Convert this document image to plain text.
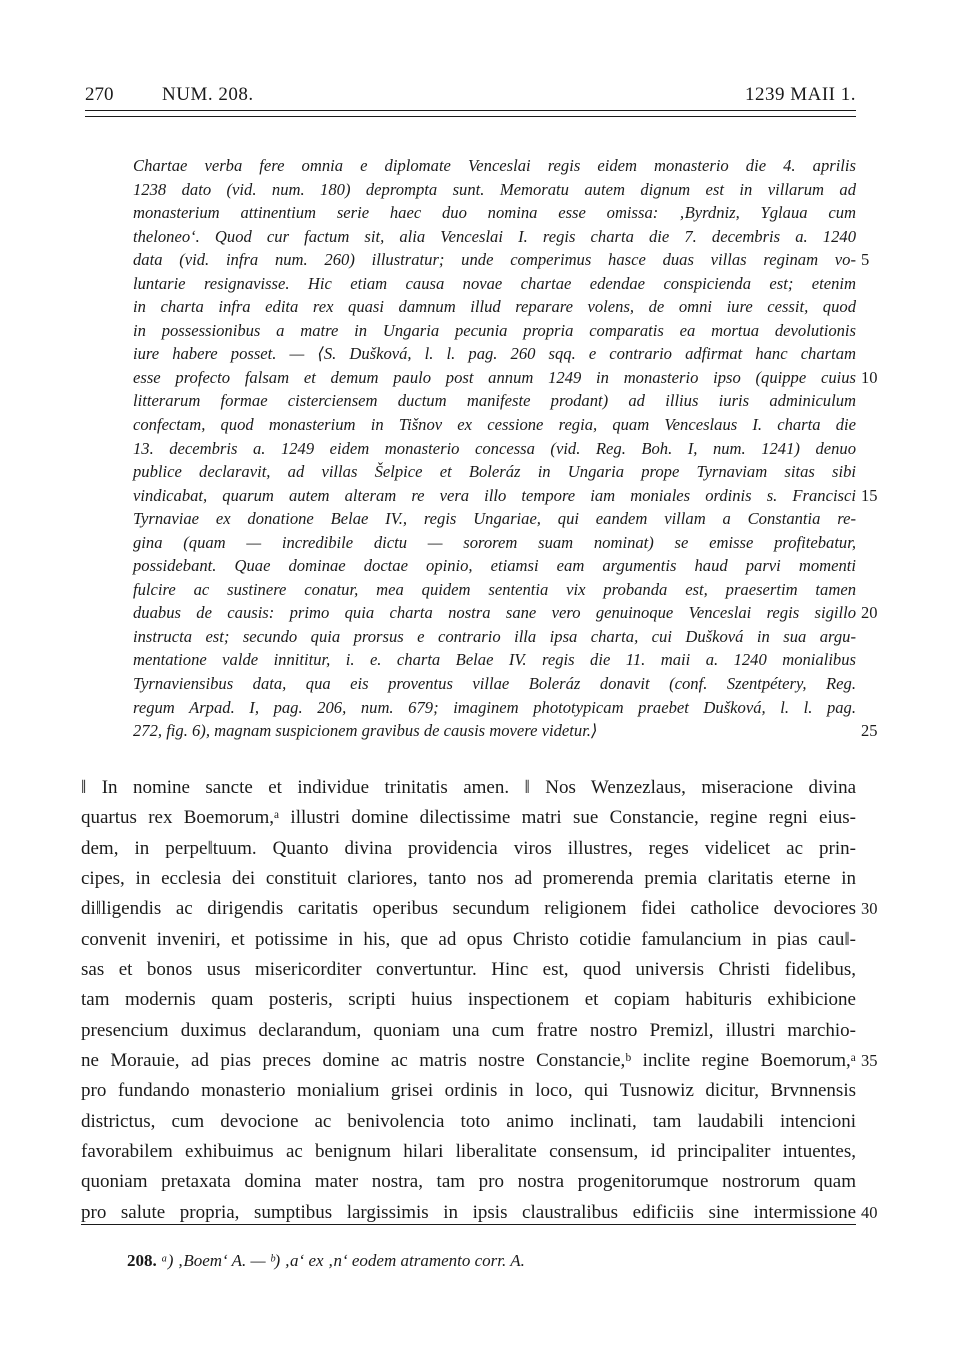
270	NUM. 208.	1239 MAII 1.
Chartae verba fere omnia e diplomate Venceslai regis eidem monasterio die 4. aprilis
1238 dato (vid. num. 180) deprompta sunt. Memoratu autem dignum est in villarum ad
monasterium attinentium serie haec duo nomina esse omissa: ‚Byrdniz, Yglaua cum
theloneo‘. Quod cur factum sit, alia Venceslai I. regis charta die 7. decembris a. 1240
data (vid. infra num. 260) illustratur; unde comperimus hasce duas villas reginam vo-
luntarie resignavisse. Hic etiam causa novae chartae edendae conspicienda est; etenim
in charta infra edita rex quasi damnum illud reparare volens, de omni iure cessit, quod
in possessionibus a matre in Ungaria pecunia propria comparatis ea mortua devolutionis
iure habere posset. — ⟨S. Dušková, l. l. pag. 260 sqq. e contrario adfirmat hanc chartam
esse profecto falsam et demum paulo post annum 1249 in monasterio ipso (quippe cuius
litterarum formae cisterciensem ductum manifeste prodant) ad illius iuris adminiculum
confectam, quod monasterium in Tišnov ex cessione regia, quam Venceslaus I. charta die
13. decembris a. 1249 eidem monasterio concessa (vid. Reg. Boh. I, num. 1241) denuo
publice declaravit, ad villas Šelpice et Boleráz in Ungaria prope Tyrnaviam sitas sibi
vindicabat, quarum autem alteram re vera illo tempore iam moniales ordinis s. Francisci
Tyrnaviae ex donatione Belae IV., regis Ungariae, qui eandem villam a Constantia re-
gina (quam — incredibile dictu — sororem suam nominat) se emisse profitebatur,
possidebant. Quae dominae doctae opinio, etiamsi eam argumentis haud parvi momenti
fulcire ac sustinere conatur, mea quidem sententia vix probanda est, praesertim tamen
duabus de causis: primo quia charta nostra sane vero genuinoque Venceslai regis sigillo
instructa est; secundo quia prorsus e contrario illa ipsa charta, cui Dušková in sua argu-
mentatione valde innititur, i. e. charta Belae IV. regis die 11. maii a. 1240 monialibus
Tyrnaviensibus data, qua eis proventus villae Boleráz donavit (conf. Szentpétery, Reg.
regum Arpad. I, pag. 206, num. 679; imaginem phototypicam praebet Dušková, l. l. pag.
272, fig. 6), magnam suspicionem gravibus de causis movere videtur.⟩
‖ In nomine sancte et individue trinitatis amen. ‖ Nos Wenzezlaus, miseracione divina
quartus rex Boemorum,ᵃ illustri domine dilectissime matri sue Constancie, regine regni eius-
dem, in perpe‖tuum. Quanto divina providencia viros illustres, reges videlicet ac prin-
cipes, in ecclesia dei constituit clariores, tanto nos ad promerenda premia claritatis eterne in
di‖ligendis ac dirigendis caritatis operibus secundum religionem fidei catholice devociores
convenit inveniri, et potissime in his, que ad opus Christo cotidie famulancium in pias cau‖-
sas et bonos usus misericorditer convertuntur. Hinc est, quod universis Christi fidelibus,
tam modernis quam posteris, scripti huius inspectionem et copiam habituris exhibicione
presencium duximus declarandum, quoniam una cum fratre nostro Premizl, illustri marchio-
ne Morauie, ad pias preces domine ac matris nostre Constancie,ᵇ inclite regine Boemorum,ᵃ
pro fundando monasterio monialium grisei ordinis in loco, qui Tusnowiz dicitur, Brvnnensis
districtus, cum devocione ac benivolencia toto animo inclinati, tam laudabili intencioni
favorabilem exhibuimus ac benignum hilari liberalitate consensum, id principaliter intuentes,
quoniam pretaxata domina mater nostra, tam pro nostra progenitorumque nostrorum quam
pro salute propria, sumptibus largissimis in ipsis claustralibus edificiis sine intermissione
5
10
15
20
25
30
35
40
208. ᵃ) ‚Boem‘ A. — ᵇ) ‚a‘ ex ‚n‘ eodem atramento corr. A.
